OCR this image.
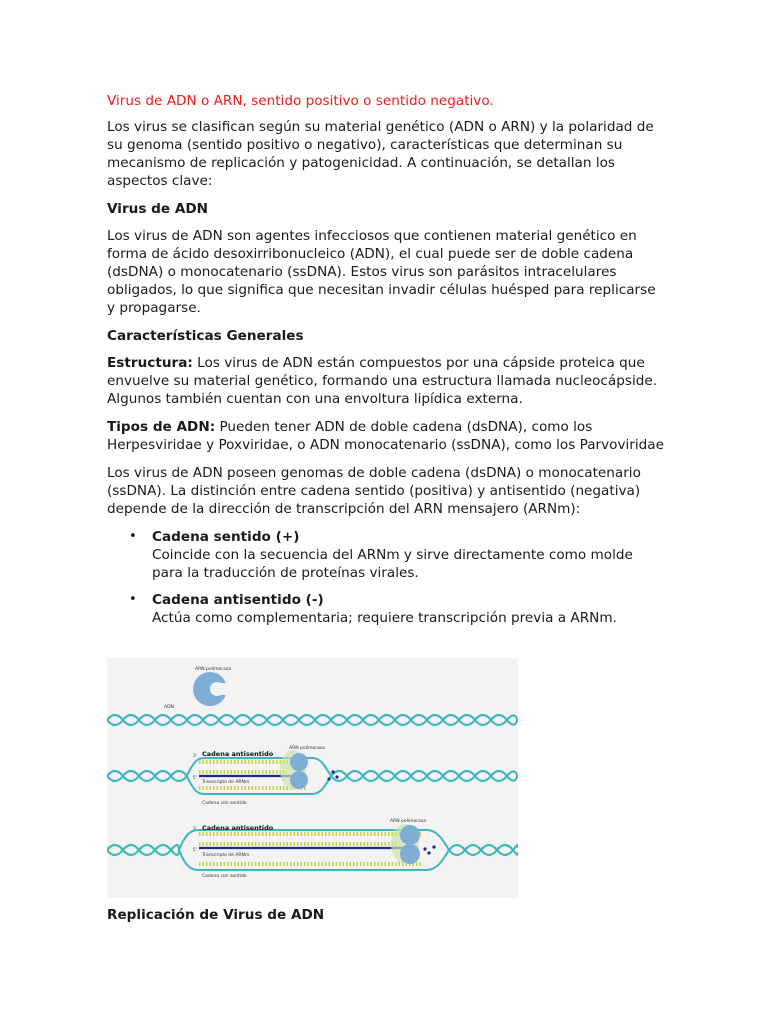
Virus de ADN o ARN, sentido positivo o sentido negativo.

Los virus se clasifican según su material genético (ADN o ARN) y la polaridad de su genoma (sentido positivo o negativo), características que determinan su mecanismo de replicación y patogenicidad. A continuación, se detallan los aspectos clave:

Virus de ADN

Los virus de ADN son agentes infecciosos que contienen material genético en forma de ácido desoxirribonucleico (ADN), el cual puede ser de doble cadena (dsDNA) o monocatenario (ssDNA). Estos virus son parásitos intracelulares obligados, lo que significa que necesitan invadir células huésped para replicarse y propagarse.

Características Generales

Estructura: Los virus de ADN están compuestos por una cápside proteica que envuelve su material genético, formando una estructura llamada nucleocápside. Algunos también cuentan con una envoltura lipídica externa.

Tipos de ADN: Pueden tener ADN de doble cadena (dsDNA), como los Herpesviridae y Poxviridae, o ADN monocatenario (ssDNA), como los Parvoviridae

Los virus de ADN poseen genomas de doble cadena (dsDNA) o monocatenario (ssDNA). La distinción entre cadena sentido (positiva) y antisentido (negativa) depende de la dirección de transcripción del ARN mensajero (ARNm):

• Cadena sentido (+)
Coincide con la secuencia del ARNm y sirve directamente como molde para la traducción de proteínas virales.
• Cadena antisentido (-)
Actúa como complementaria; requiere transcripción previa a ARNm.
ARN polimerasa
ADN
Cadena antisentido
ARN polimerasa
Transcripto de ARNm
Cadena con sentido
3'
5'
Cadena antisentido
ARN polimerasa
Transcripto de ARNm
Cadena con sentido
3'
5'
Replicación de Virus de ADN
